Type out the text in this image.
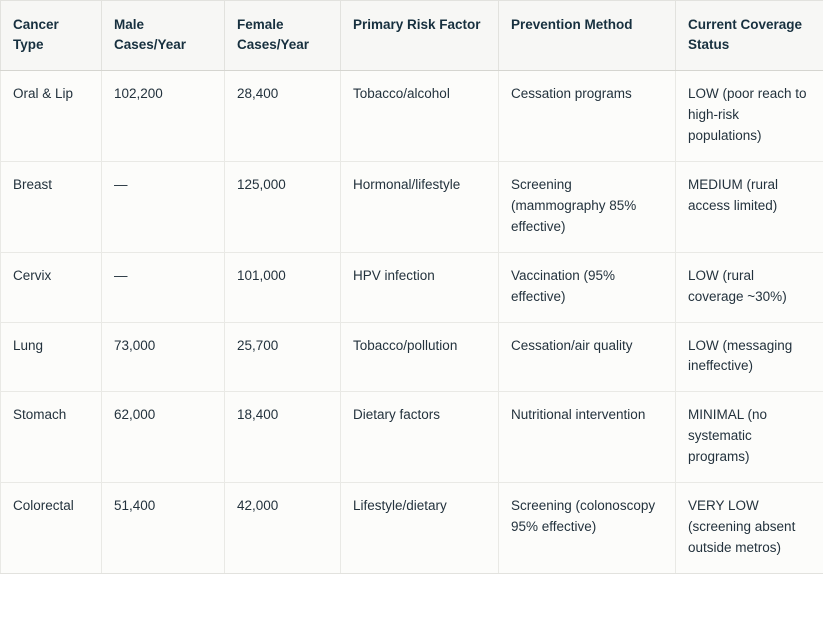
Cancer Type	Male Cases/Year	Female Cases/Year	Primary Risk Factor	Prevention Method	Current Coverage Status
Oral & Lip	102,200	28,400	Tobacco/alcohol	Cessation programs	LOW (poor reach to high-risk populations)
Breast	—	125,000	Hormonal/lifestyle	Screening (mammography 85% effective)	MEDIUM (rural access limited)
Cervix	—	101,000	HPV infection	Vaccination (95% effective)	LOW (rural coverage ~30%)
Lung	73,000	25,700	Tobacco/pollution	Cessation/air quality	LOW (messaging ineffective)
Stomach	62,000	18,400	Dietary factors	Nutritional intervention	MINIMAL (no systematic programs)
Colorectal	51,400	42,000	Lifestyle/dietary	Screening (colonoscopy 95% effective)	VERY LOW (screening absent outside metros)
